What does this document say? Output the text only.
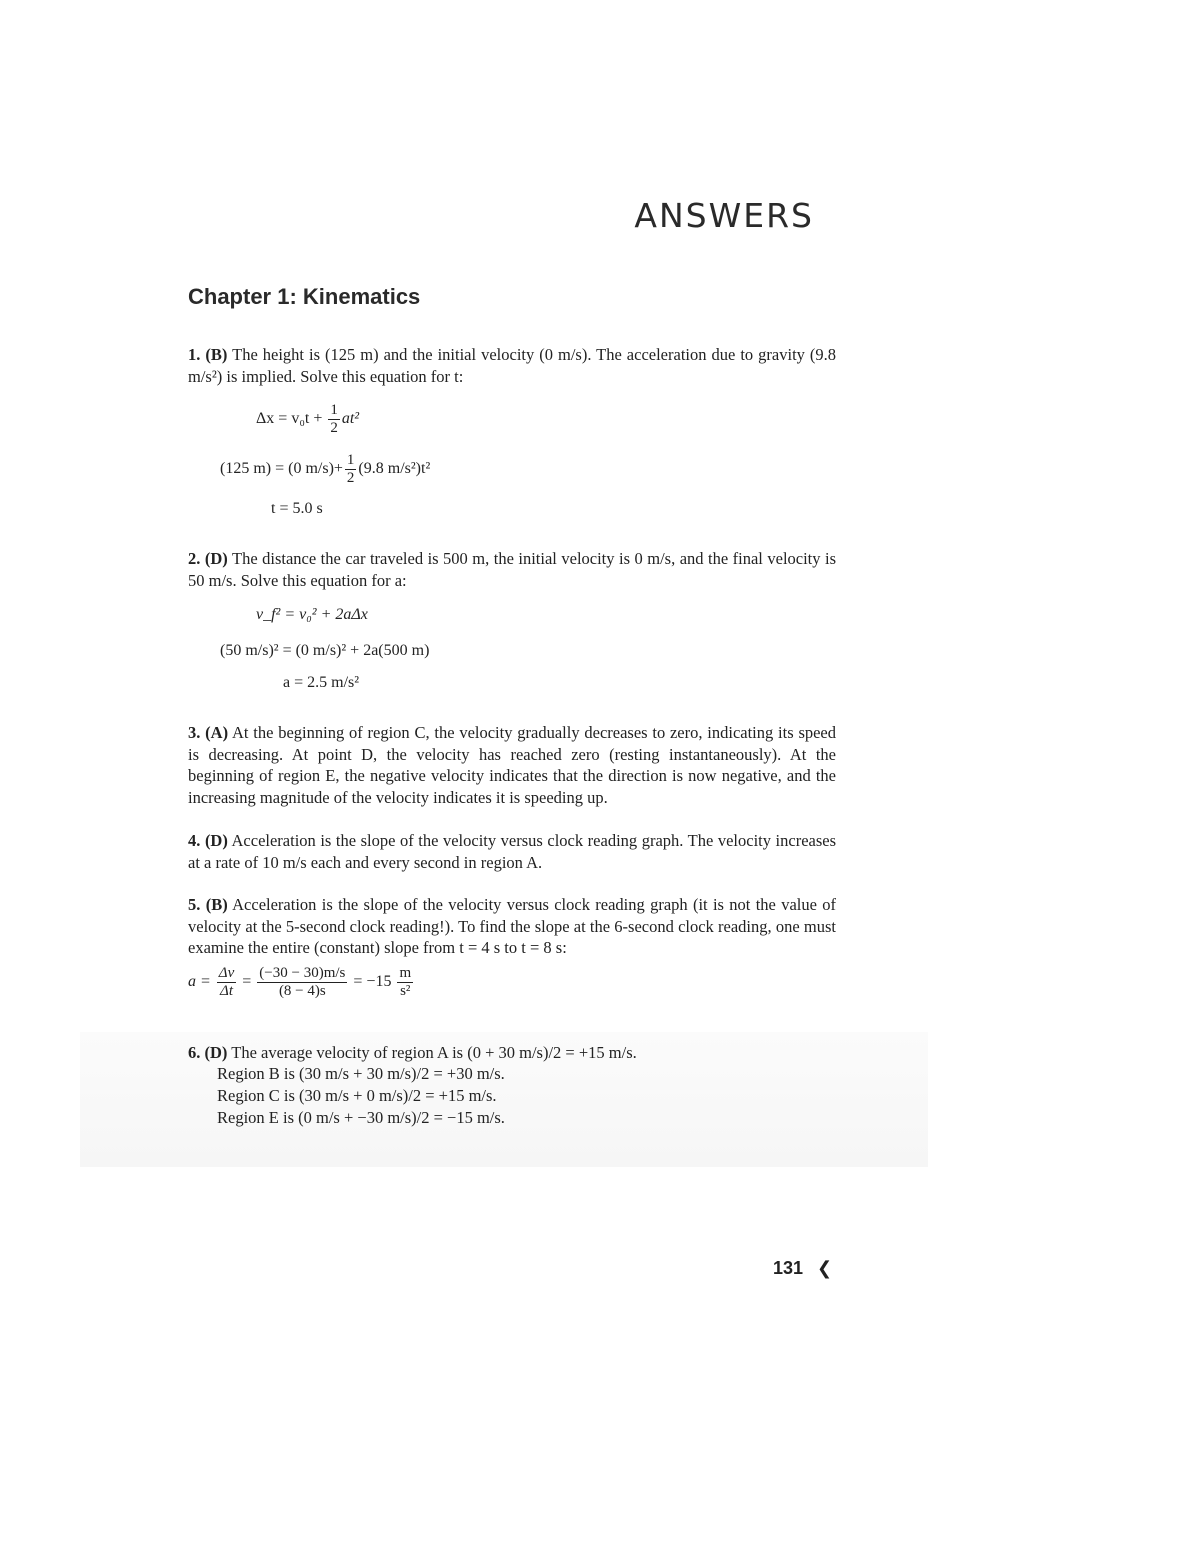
ANSWERS
Chapter 1: Kinematics
1. (B) The height is (125 m) and the initial velocity (0 m/s). The acceleration due to gravity (9.8 m/s²) is implied. Solve this equation for t:
$\Delta x = v_0t + \frac{1}{2} at^2$
(125 m) = (0 $m/s)+ \frac{1}{2} (9.8$ m/s²)t²
t = 5.0 s
2. (D) The distance the car traveled is 500 m, the initial velocity is 0 m/s, and the final velocity is 50 m/s. Solve this equation for a:
v_f² = v₀² + 2aΔx
(50 m/s)² = (0 m/s)² + 2a(500 m)
a = 2.5 m/s²
3. (A) At the beginning of region C, the velocity gradually decreases to zero, indicating its speed is decreasing. At point D, the velocity has reached zero (resting instantaneously). At the beginning of region E, the negative velocity indicates that the direction is now negative, and the increasing magnitude of the velocity indicates it is speeding up.
4. (D) Acceleration is the slope of the velocity versus clock reading graph. The velocity increases at a rate of 10 m/s each and every second in region A.
5. (B) Acceleration is the slope of the velocity versus clock reading graph (it is not the value of velocity at the 5-second clock reading!). To find the slope at the 6-second clock reading, one must examine the entire (constant) slope from t = 4 s to t = 8 s:
$a = \frac{\Delta v}{\Delta t} = \frac{(-30 - 30)m/s}{(8 - 4)s} = -15 \frac{m}{\text{s²}}$
6. (D) The average velocity of region A is (0 + 30 m/s)/2 = +15 m/s.
Region B is (30 m/s + 30 m/s)/2 = +30 m/s.
Region C is (30 m/s + 0 m/s)/2 = +15 m/s.
Region E is (0 m/s + −30 m/s)/2 = −15 m/s.
131 ❮
